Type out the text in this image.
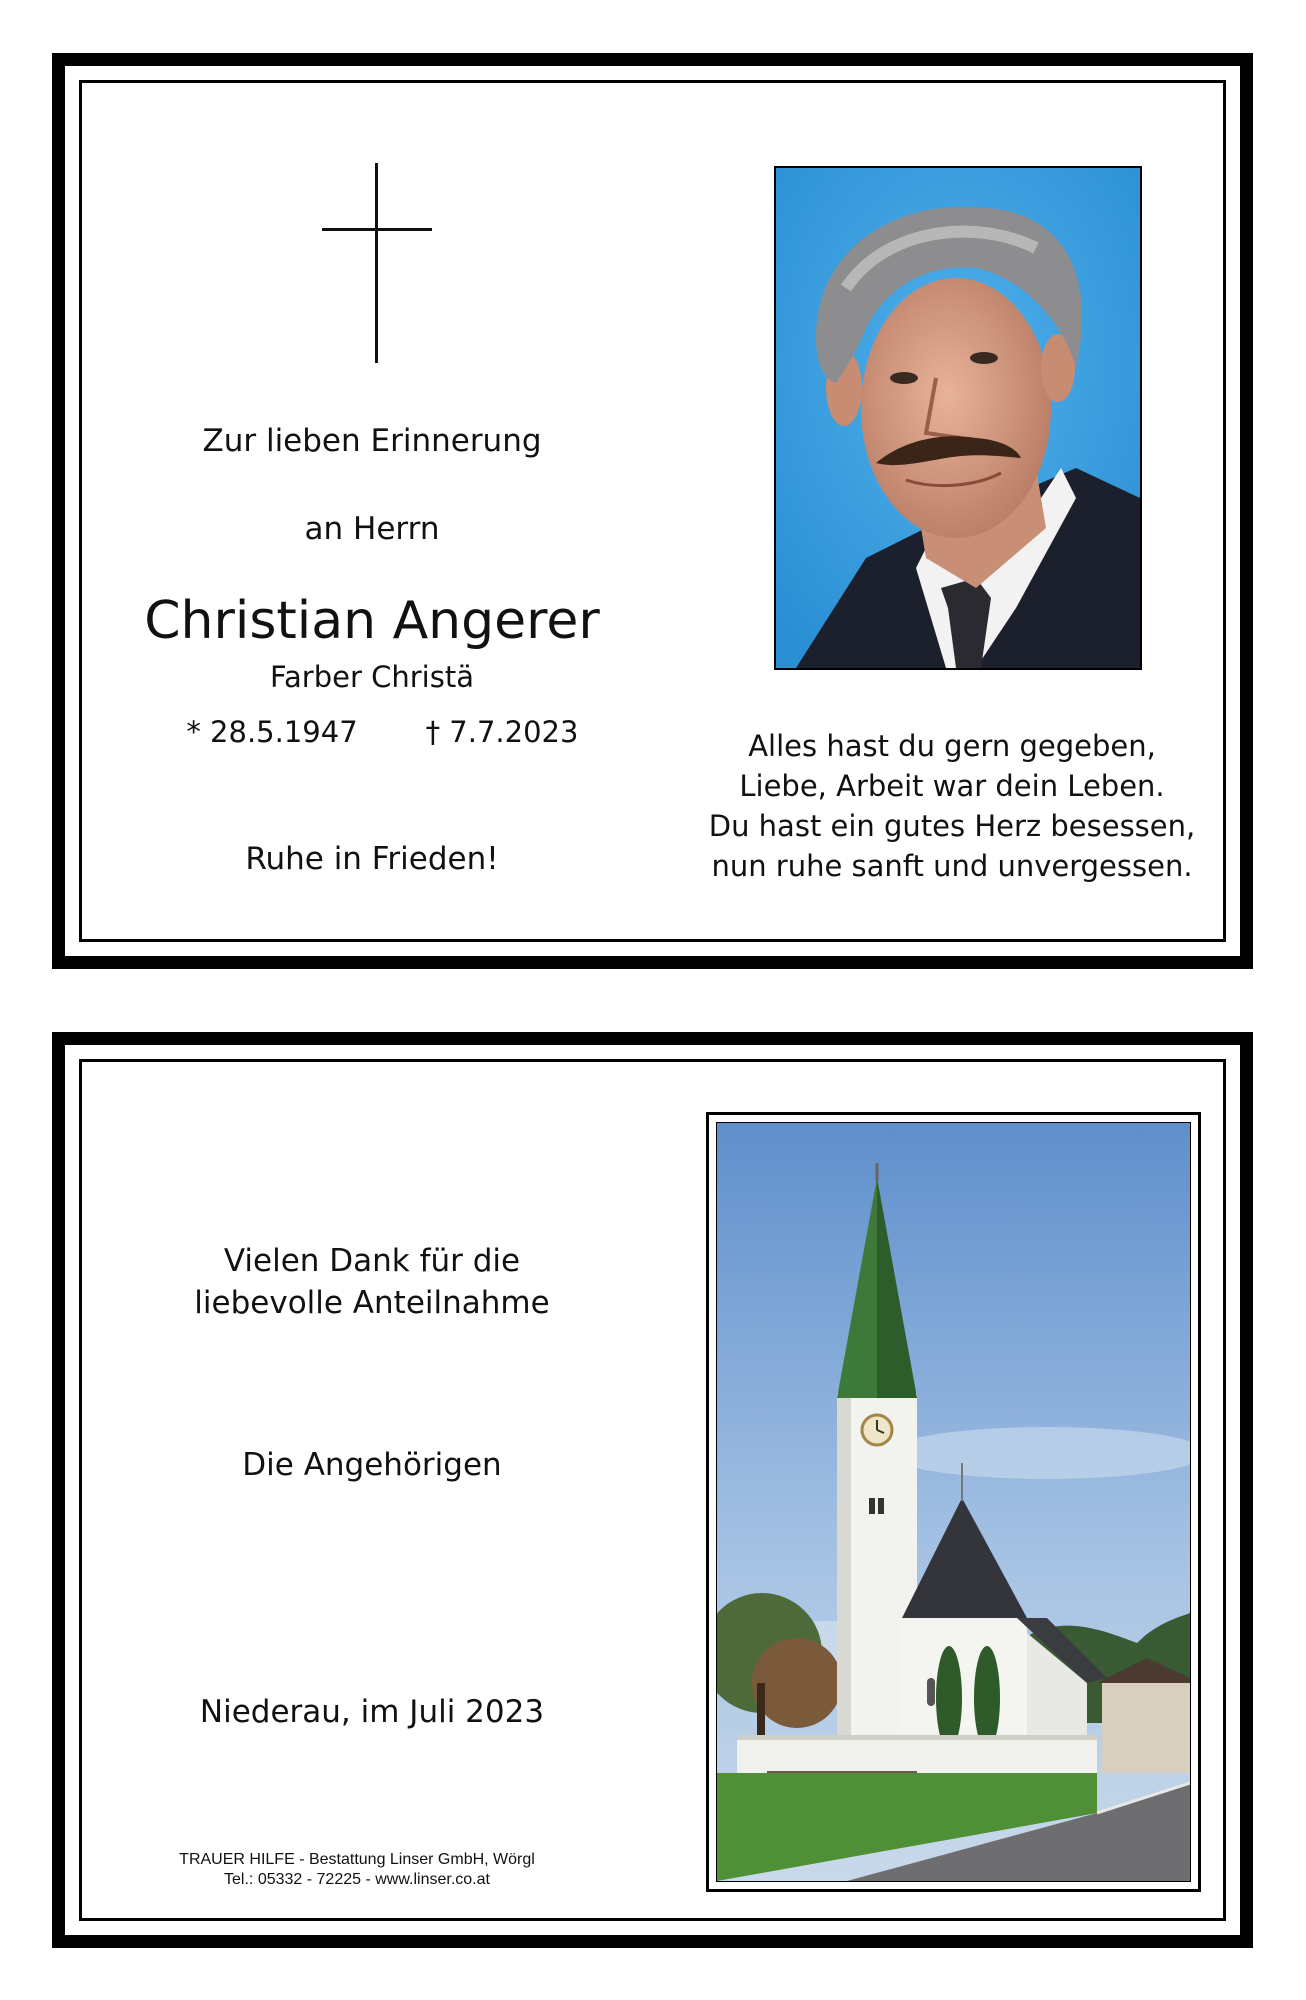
Zur lieben Erinnerung
an Herrn
Christian Angerer
Farber Christä
* 28.5.1947	† 7.7.2023
Ruhe in Frieden!
Alles hast du gern gegeben,
Liebe, Arbeit war dein Leben.
Du hast ein gutes Herz besessen,
nun ruhe sanft und unvergessen.
Vielen Dank für die
liebevolle Anteilnahme
Die Angehörigen
Niederau, im Juli 2023
TRAUER HILFE - Bestattung Linser GmbH, Wörgl
Tel.: 05332 - 72225 - www.linser.co.at
